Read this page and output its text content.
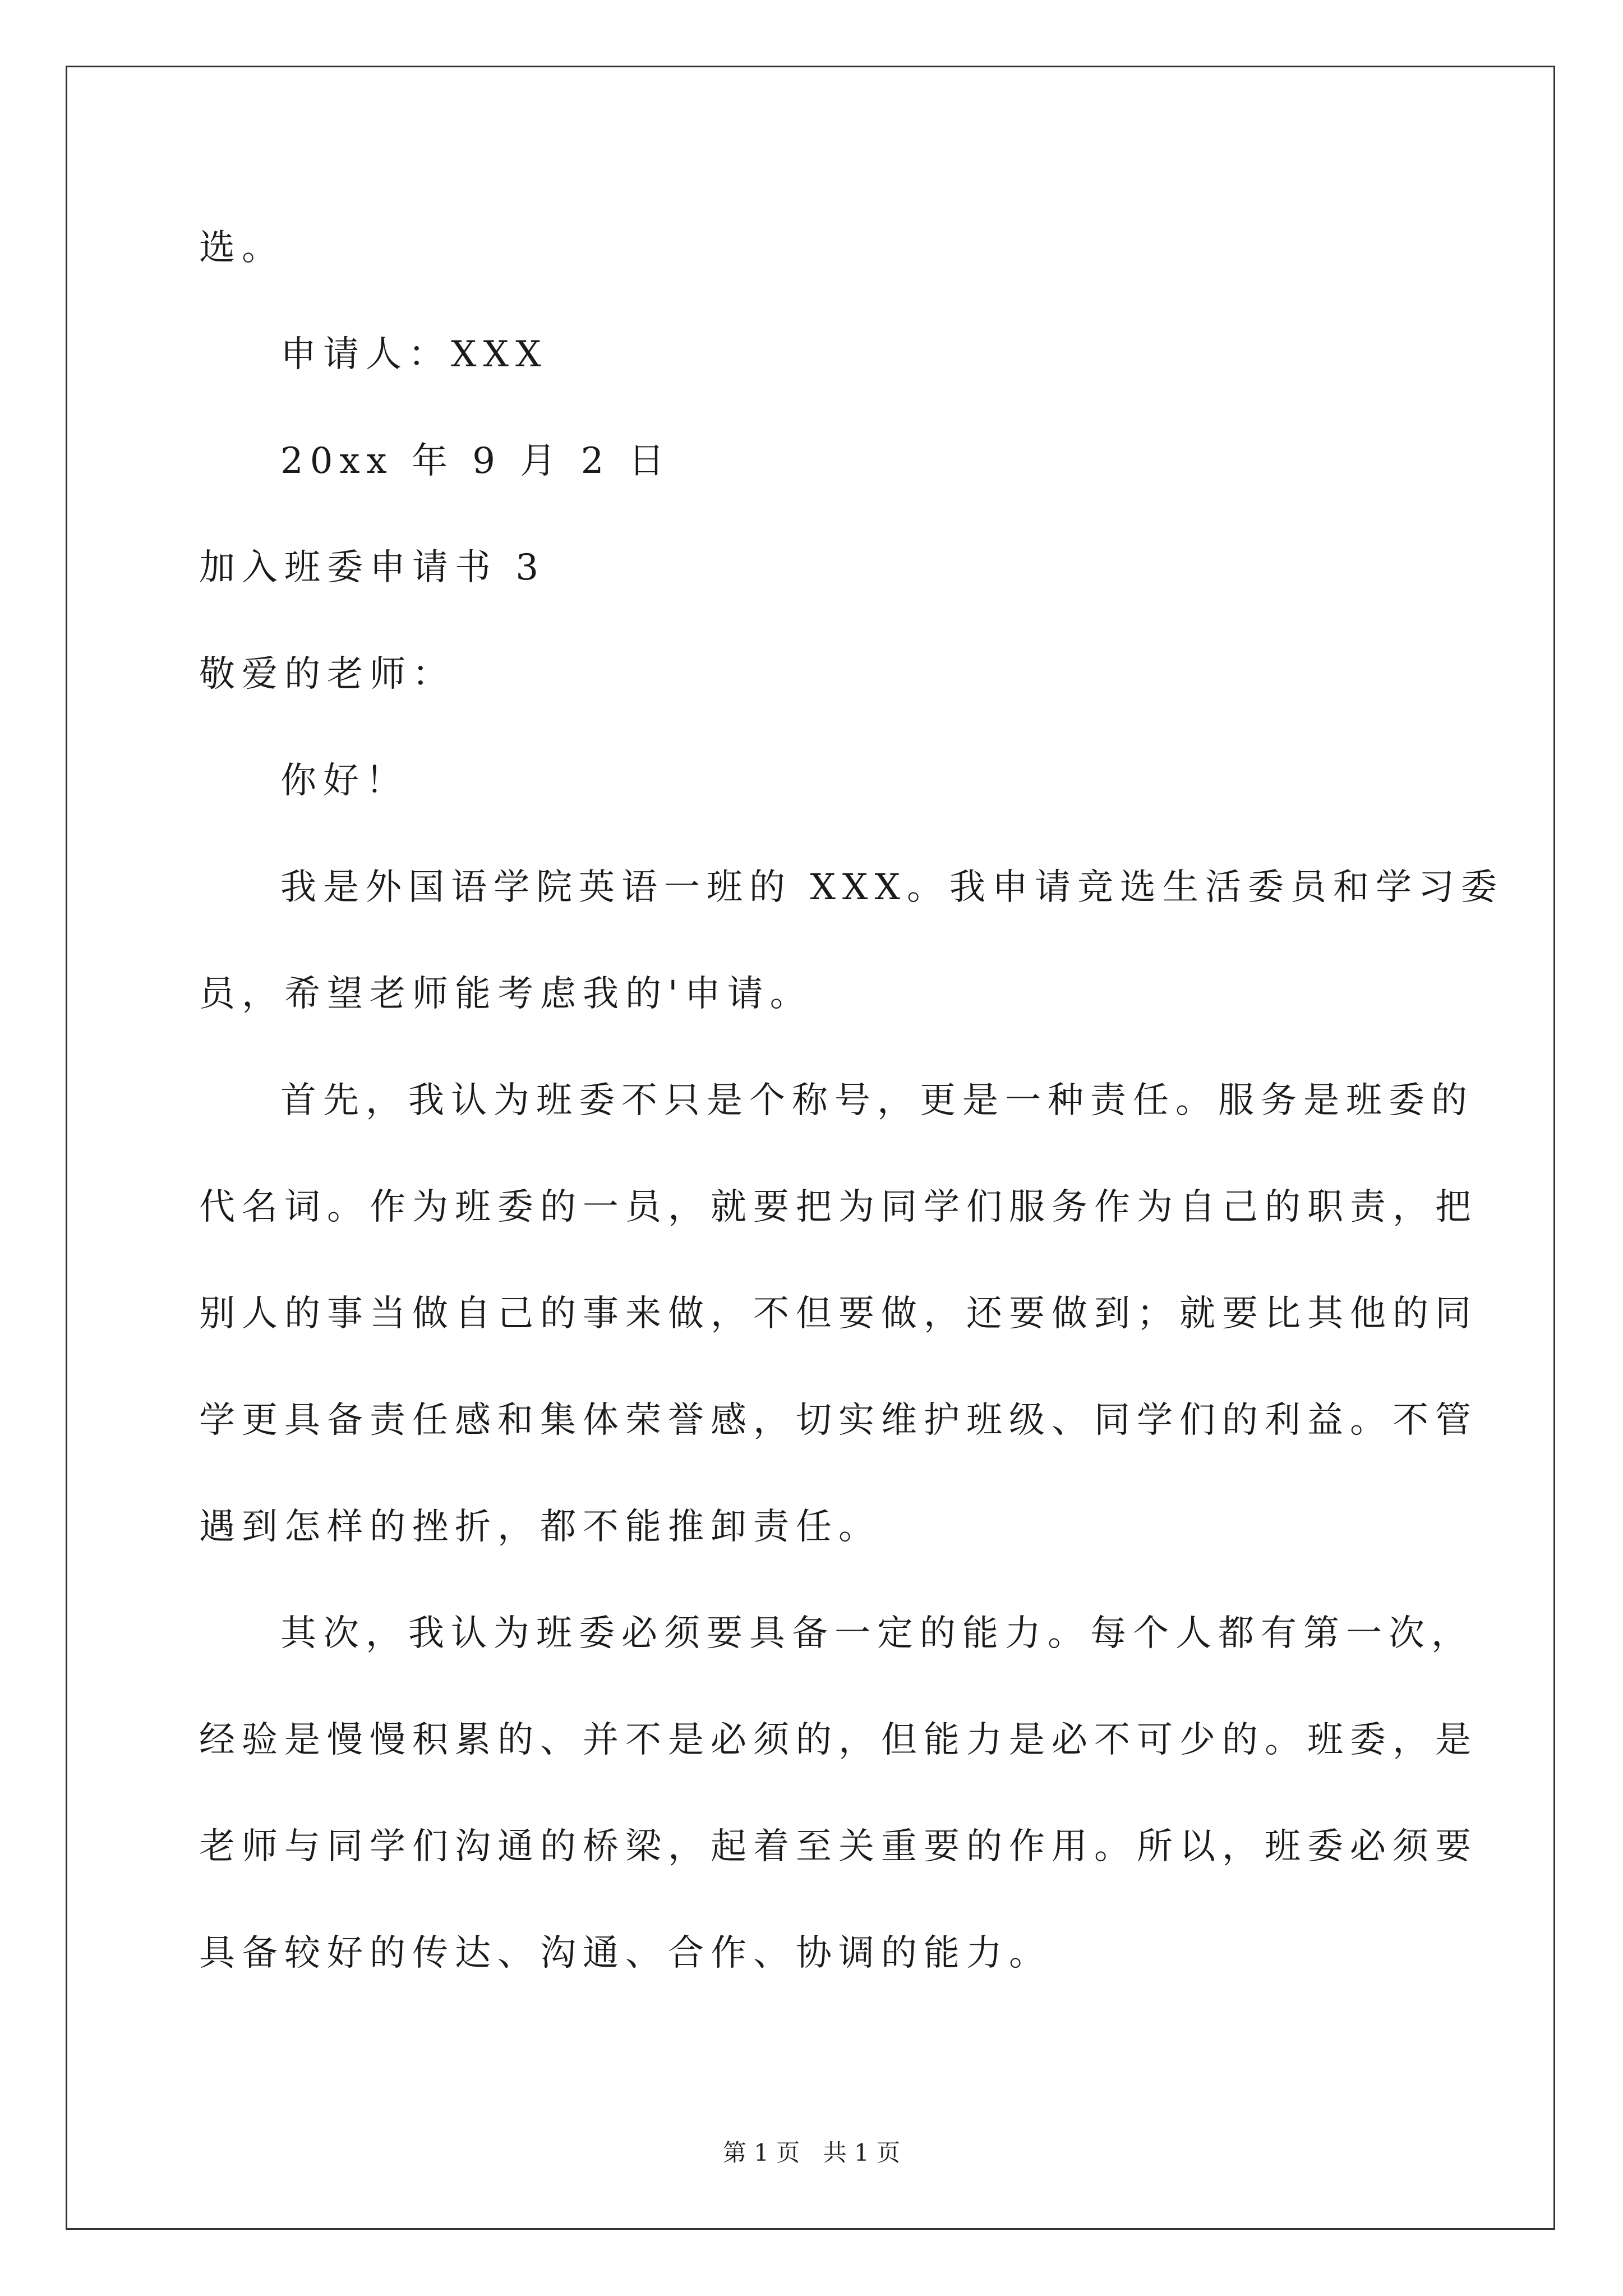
选。

申请人：XXX

20xx 年 9 月 2 日

加入班委申请书 3

敬爱的老师：

你好！

我是外国语学院英语一班的 XXX。我申请竞选生活委员和学习委

员，希望老师能考虑我的'申请。

首先，我认为班委不只是个称号，更是一种责任。服务是班委的

代名词。作为班委的一员，就要把为同学们服务作为自己的职责，把

别人的事当做自己的事来做，不但要做，还要做到；就要比其他的同

学更具备责任感和集体荣誉感，切实维护班级、同学们的利益。不管

遇到怎样的挫折，都不能推卸责任。

其次，我认为班委必须要具备一定的能力。每个人都有第一次，

经验是慢慢积累的、并不是必须的，但能力是必不可少的。班委，是

老师与同学们沟通的桥梁，起着至关重要的作用。所以，班委必须要

具备较好的传达、沟通、合作、协调的能力。

第 1 页 共 1 页
